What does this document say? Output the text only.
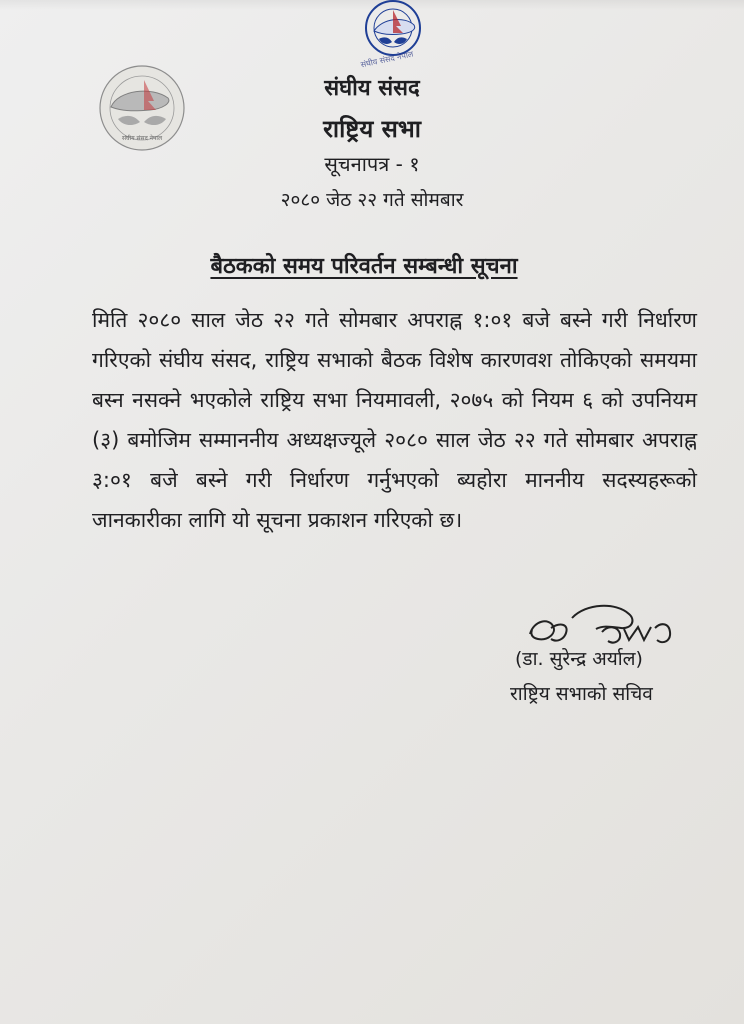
संघीय संसद नेपाल
संघीय संसद नेपाल
संघीय संसद
राष्ट्रिय सभा
सूचनापत्र - १
२०८० जेठ २२ गते सोमबार
बैठकको समय परिवर्तन सम्बन्धी सूचना
मिति २०८० साल जेठ २२ गते सोमबार अपराह्न १:०१ बजे बस्ने गरी निर्धारण गरिएको संघीय संसद, राष्ट्रिय सभाको बैठक विशेष कारणवश तोकिएको समयमा बस्न नसक्ने भएकोले राष्ट्रिय सभा नियमावली, २०७५ को नियम ६ को उपनियम (३) बमोजिम सम्माननीय अध्यक्षज्यूले २०८० साल जेठ २२ गते सोमबार अपराह्न ३:०१ बजे बस्ने गरी निर्धारण गर्नुभएको ब्यहोरा माननीय सदस्यहरूको जानकारीका लागि यो सूचना प्रकाशन गरिएको छ।
(डा. सुरेन्द्र अर्याल)
राष्ट्रिय सभाको सचिव
